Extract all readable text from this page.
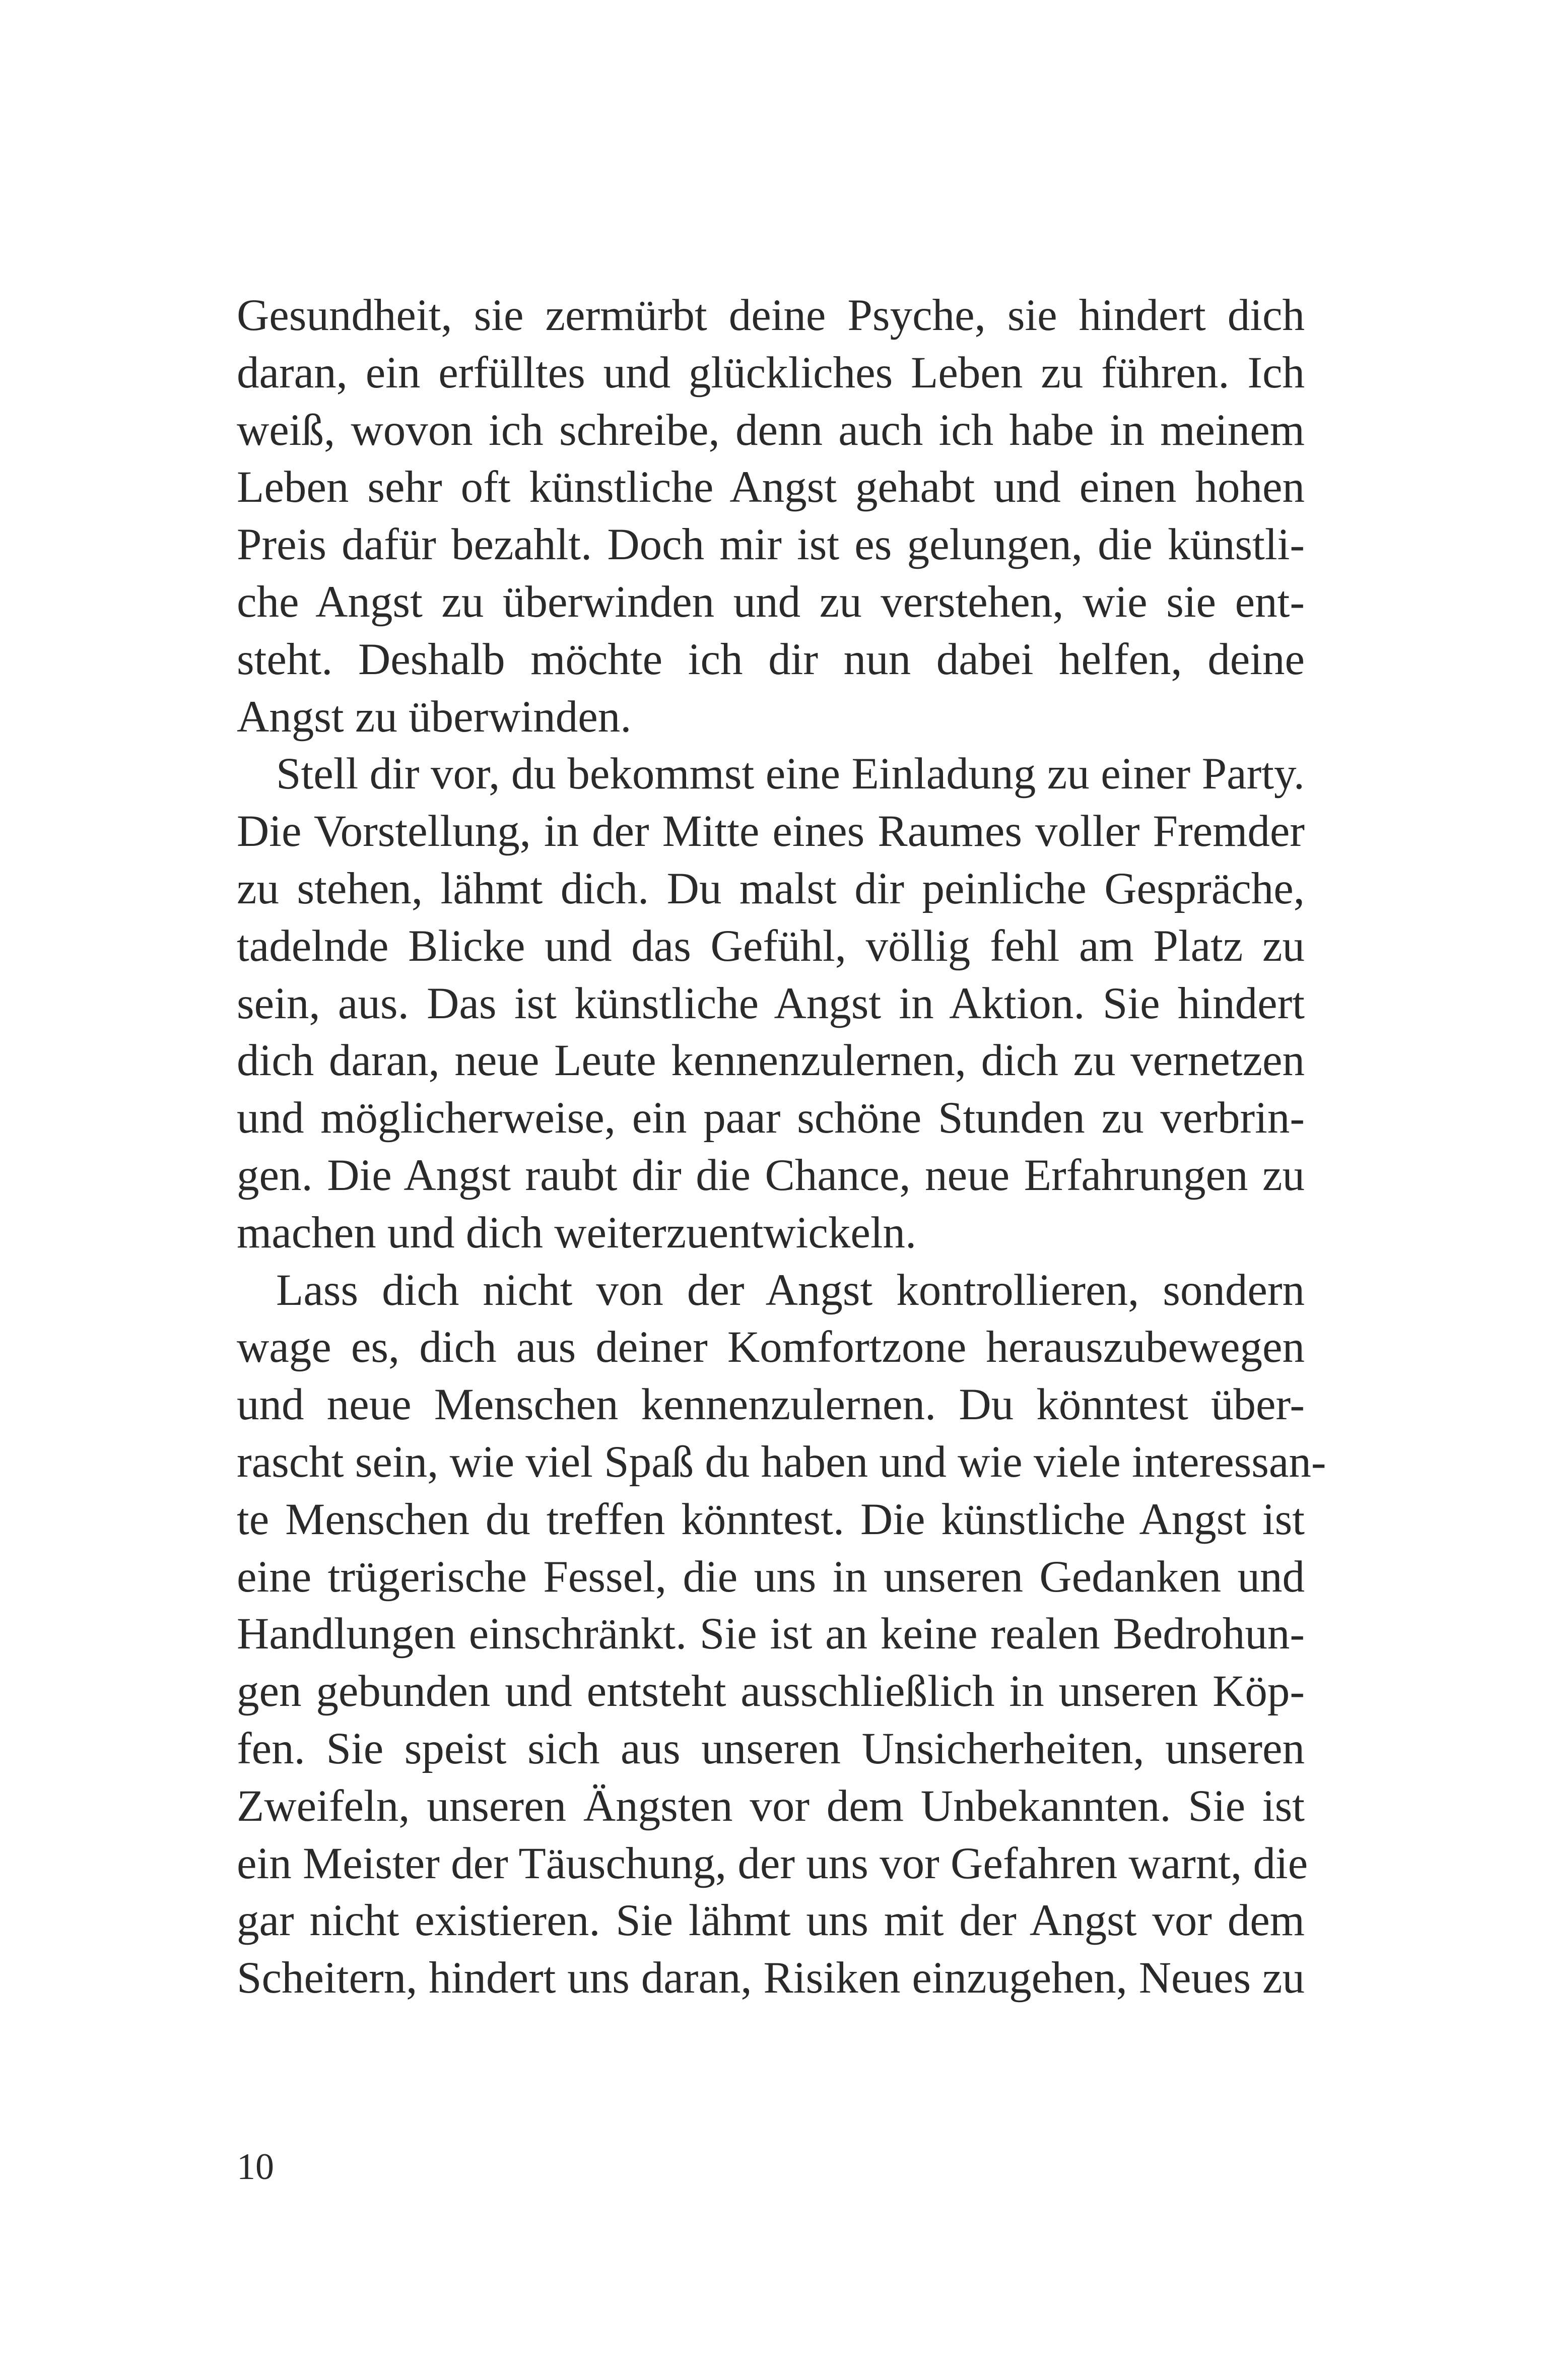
Gesundheit, sie zermürbt deine Psyche, sie hindert dich
daran, ein erfülltes und glückliches Leben zu führen. Ich
weiß, wovon ich schreibe, denn auch ich habe in meinem
Leben sehr oft künstliche Angst gehabt und einen hohen
Preis dafür bezahlt. Doch mir ist es gelungen, die künstli-
che Angst zu überwinden und zu verstehen, wie sie ent-
steht. Deshalb möchte ich dir nun dabei helfen, deine
Angst zu überwinden.
Stell dir vor, du bekommst eine Einladung zu einer Party.
Die Vorstellung, in der Mitte eines Raumes voller Fremder
zu stehen, lähmt dich. Du malst dir peinliche Gespräche,
tadelnde Blicke und das Gefühl, völlig fehl am Platz zu
sein, aus. Das ist künstliche Angst in Aktion. Sie hindert
dich daran, neue Leute kennenzulernen, dich zu vernetzen
und möglicherweise, ein paar schöne Stunden zu verbrin-
gen. Die Angst raubt dir die Chance, neue Erfahrungen zu
machen und dich weiterzuentwickeln.
Lass dich nicht von der Angst kontrollieren, sondern
wage es, dich aus deiner Komfortzone herauszubewegen
und neue Menschen kennenzulernen. Du könntest über-
rascht sein, wie viel Spaß du haben und wie viele interessan-
te Menschen du treffen könntest. Die künstliche Angst ist
eine trügerische Fessel, die uns in unseren Gedanken und
Handlungen einschränkt. Sie ist an keine realen Bedrohun-
gen gebunden und entsteht ausschließlich in unseren Köp-
fen. Sie speist sich aus unseren Unsicherheiten, unseren
Zweifeln, unseren Ängsten vor dem Unbekannten. Sie ist
ein Meister der Täuschung, der uns vor Gefahren warnt, die
gar nicht existieren. Sie lähmt uns mit der Angst vor dem
Scheitern, hindert uns daran, Risiken einzugehen, Neues zu
10
